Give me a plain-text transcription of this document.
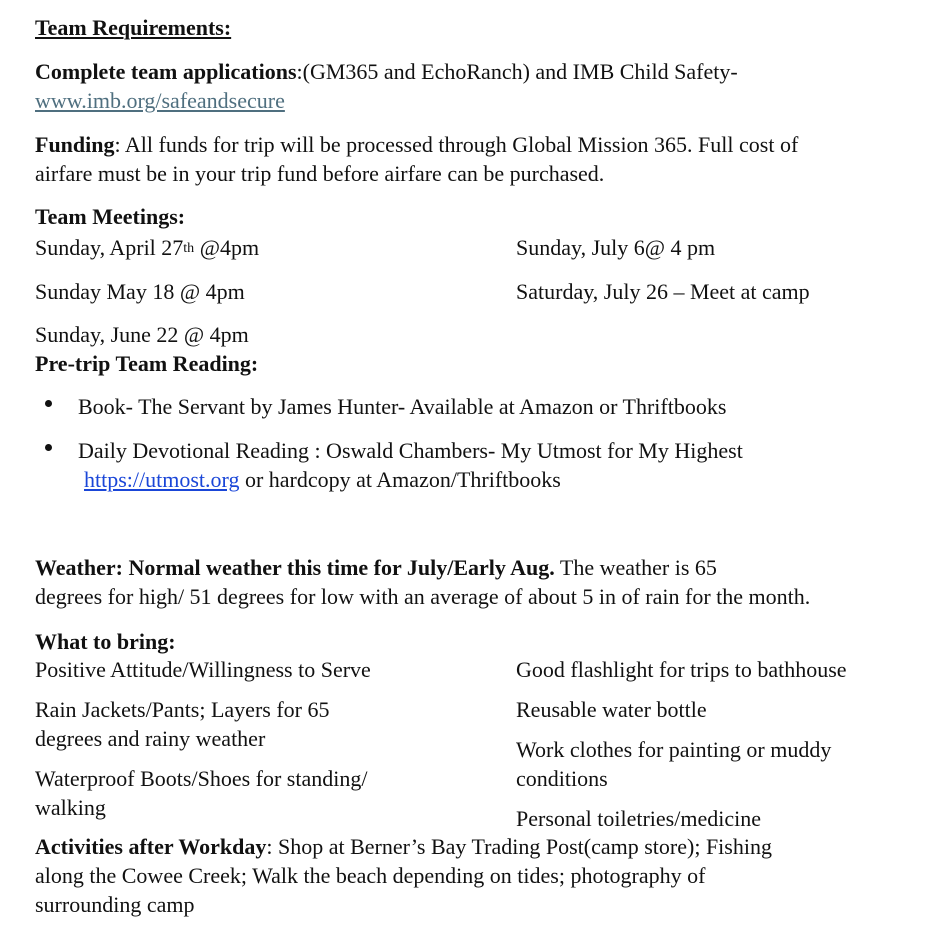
Team Requirements:
Complete team applications:(GM365 and EchoRanch) and IMB Child Safety-
www.imb.org/safeandsecure
Funding: All funds for trip will be processed through Global Mission 365. Full cost of
airfare must be in your trip fund before airfare can be purchased.
Team Meetings:
Sunday, April 27th @4pm
Sunday May 18 @ 4pm
Sunday, June 22 @ 4pm
Sunday, July 6@ 4 pm
Saturday, July 26 – Meet at camp
Pre-trip Team Reading:
Book- The Servant by James Hunter- Available at Amazon or Thriftbooks
Daily Devotional Reading : Oswald Chambers- My Utmost for My Highest
https://utmost.org or hardcopy at Amazon/Thriftbooks
Weather: Normal weather this time for July/Early Aug. The weather is 65
degrees for high/ 51 degrees for low with an average of about 5 in of rain for the month.
What to bring:
Positive Attitude/Willingness to Serve
Rain Jackets/Pants; Layers for 65
degrees and rainy weather
Waterproof Boots/Shoes for standing/
walking
Good flashlight for trips to bathhouse
Reusable water bottle
Work clothes for painting or muddy
conditions
Personal toiletries/medicine
Activities after Workday: Shop at Berner’s Bay Trading Post(camp store); Fishing
along the Cowee Creek; Walk the beach depending on tides; photography of
surrounding camp
